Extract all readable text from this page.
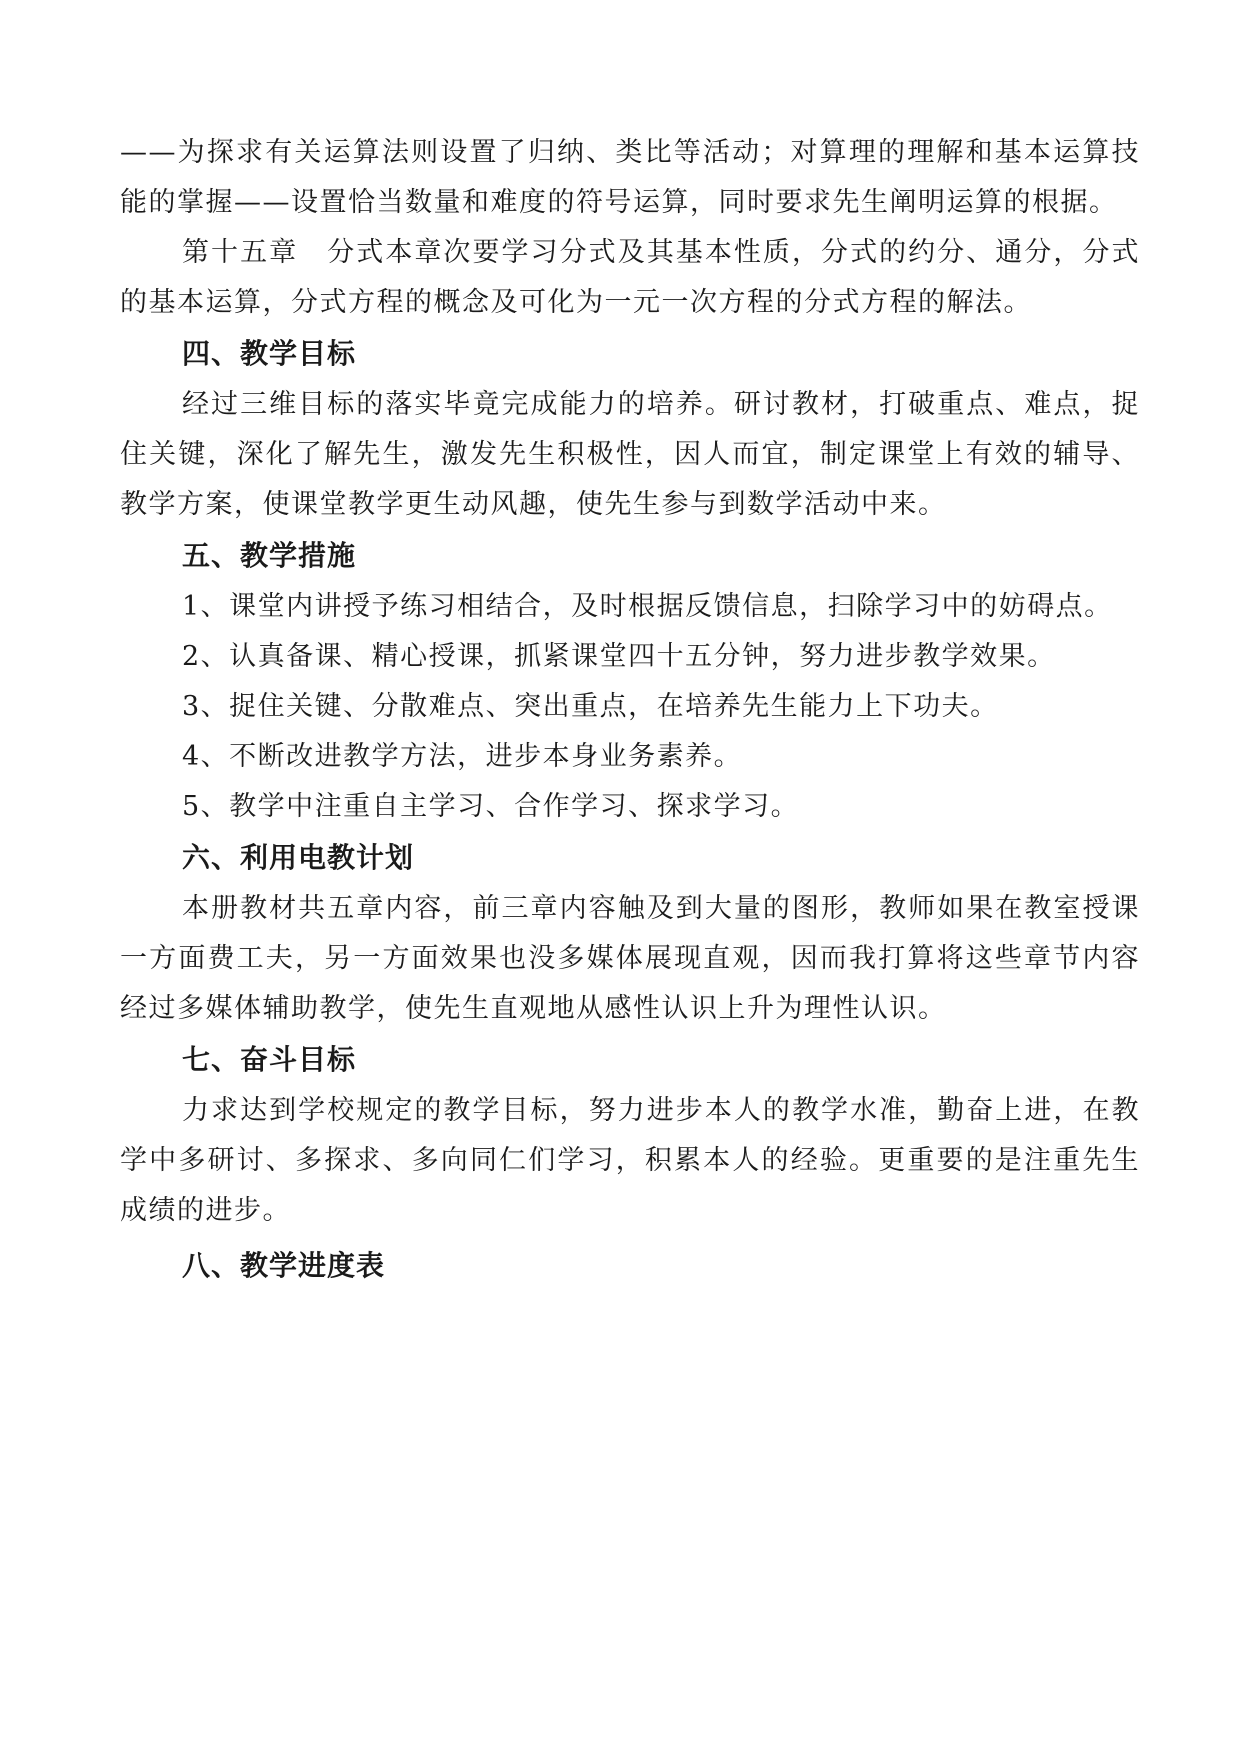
——为探求有关运算法则设置了归纳、类比等活动；对算理的理解和基本运算技能的掌握——设置恰当数量和难度的符号运算，同时要求先生阐明运算的根据。

第十五章　分式本章次要学习分式及其基本性质，分式的约分、通分，分式的基本运算，分式方程的概念及可化为一元一次方程的分式方程的解法。

四、教学目标

经过三维目标的落实毕竟完成能力的培养。研讨教材，打破重点、难点，捉住关键，深化了解先生，激发先生积极性，因人而宜，制定课堂上有效的辅导、教学方案，使课堂教学更生动风趣，使先生参与到数学活动中来。

五、教学措施

1、课堂内讲授予练习相结合，及时根据反馈信息，扫除学习中的妨碍点。

2、认真备课、精心授课，抓紧课堂四十五分钟，努力进步教学效果。

3、捉住关键、分散难点、突出重点，在培养先生能力上下功夫。

4、不断改进教学方法，进步本身业务素养。

5、教学中注重自主学习、合作学习、探求学习。

六、利用电教计划

本册教材共五章内容，前三章内容触及到大量的图形，教师如果在教室授课一方面费工夫，另一方面效果也没多媒体展现直观，因而我打算将这些章节内容经过多媒体辅助教学，使先生直观地从感性认识上升为理性认识。

七、奋斗目标

力求达到学校规定的教学目标，努力进步本人的教学水准，勤奋上进，在教学中多研讨、多探求、多向同仁们学习，积累本人的经验。更重要的是注重先生成绩的进步。

八、教学进度表
